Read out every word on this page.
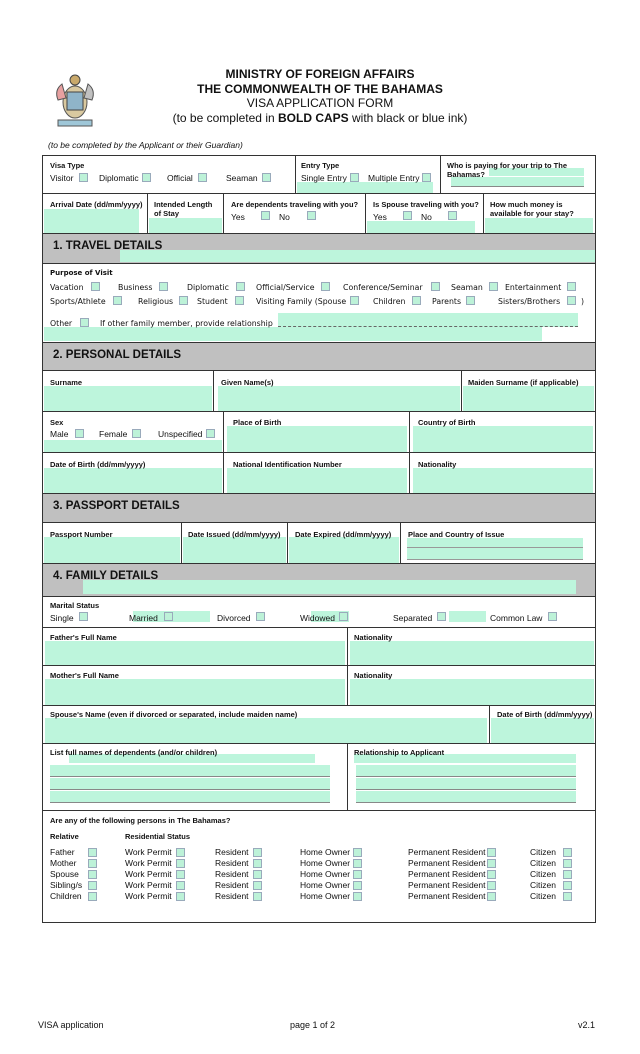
MINISTRY OF FOREIGN AFFAIRS
THE COMMONWEALTH OF THE BAHAMAS
VISA APPLICATION FORM
(to be completed in BOLD CAPS with black or blue ink)
(to be completed by the Applicant or their Guardian)
Visa Type
Visitor	Diplomatic	Official	Seaman
Entry Type
Single Entry Multiple Entry
Who is paying for your trip to The Bahamas?
Arrival Date (dd/mm/yyyy) Intended Length of Stay
Are dependents traveling with you?
Yes	No
Is Spouse traveling with you?
Yes	No
How much money is available for your stay?
1. TRAVEL DETAILS
Purpose of Visit
Vacation	Business	Diplomatic	Official/Service	Conference/Seminar	Seaman	Entertainment
Sports/Athlete	Religious	Student	Visiting Family (Spouse	Children	Parents	Sisters/Brothers	)
Other	If other family member, provide relationship
2. PERSONAL DETAILS
Surname	Given Name(s)	Maiden Surname (if applicable)
Sex
Male	Female	Unspecified
Place of Birth	Country of Birth
Date of Birth (dd/mm/yyyy)	National Identification Number	Nationality
3. PASSPORT DETAILS
Passport Number	Date Issued (dd/mm/yyyy) Date Expired (dd/mm/yyyy) Place and Country of Issue
4. FAMILY DETAILS
Marital Status
Single	Married	Divorced	Widowed	Separated	Common Law
Father's Full Name	Nationality
Mother's Full Name	Nationality
Spouse's Name (even if divorced or separated, include maiden name)	Date of Birth (dd/mm/yyyy)
List full names of dependents (and/or children)	Relationship to Applicant
Are any of the following persons in The Bahamas?
Relative	Residential Status
Father	Work Permit	Resident	Home Owner	Permanent Resident	Citizen
Mother	Work Permit	Resident	Home Owner	Permanent Resident	Citizen
Spouse	Work Permit	Resident	Home Owner	Permanent Resident	Citizen
Sibling/s	Work Permit	Resident	Home Owner	Permanent Resident	Citizen
Children	Work Permit	Resident	Home Owner	Permanent Resident	Citizen
VISA application	page 1 of 2	v2.1
